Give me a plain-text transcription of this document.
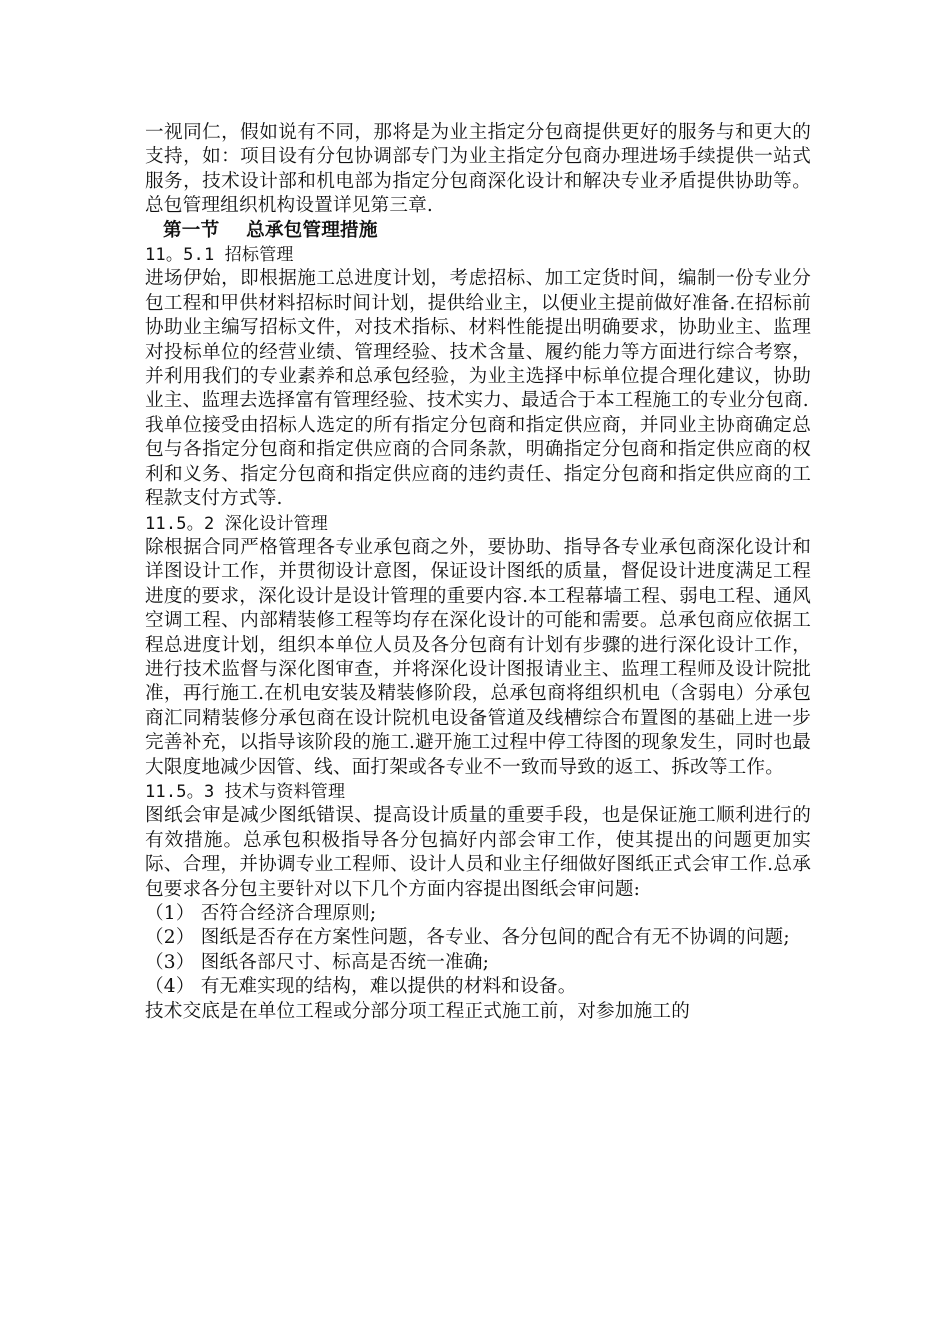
一视同仁，假如说有不同，那将是为业主指定分包商提供更好的服务与和更大的支持，如：项目设有分包协调部专门为业主指定分包商办理进场手续提供一站式服务，技术设计部和机电部为指定分包商深化设计和解决专业矛盾提供协助等。总包管理组织机构设置详见第三章.

第一节    总承包管理措施

11。5.1 招标管理

进场伊始，即根据施工总进度计划，考虑招标、加工定货时间，编制一份专业分包工程和甲供材料招标时间计划，提供给业主，以便业主提前做好准备.在招标前协助业主编写招标文件，对技术指标、材料性能提出明确要求，协助业主、监理对投标单位的经营业绩、管理经验、技术含量、履约能力等方面进行综合考察，并利用我们的专业素养和总承包经验，为业主选择中标单位提合理化建议，协助业主、监理去选择富有管理经验、技术实力、最适合于本工程施工的专业分包商.

我单位接受由招标人选定的所有指定分包商和指定供应商，并同业主协商确定总包与各指定分包商和指定供应商的合同条款，明确指定分包商和指定供应商的权利和义务、指定分包商和指定供应商的违约责任、指定分包商和指定供应商的工程款支付方式等.

11.5。2 深化设计管理

除根据合同严格管理各专业承包商之外，要协助、指导各专业承包商深化设计和详图设计工作，并贯彻设计意图，保证设计图纸的质量，督促设计进度满足工程进度的要求，深化设计是设计管理的重要内容.本工程幕墙工程、弱电工程、通风空调工程、内部精装修工程等均存在深化设计的可能和需要。总承包商应依据工程总进度计划，组织本单位人员及各分包商有计划有步骤的进行深化设计工作，进行技术监督与深化图审查，并将深化设计图报请业主、监理工程师及设计院批准，再行施工.在机电安装及精装修阶段，总承包商将组织机电（含弱电）分承包商汇同精装修分承包商在设计院机电设备管道及线槽综合布置图的基础上进一步完善补充，以指导该阶段的施工.避开施工过程中停工待图的现象发生，同时也最大限度地减少因管、线、面打架或各专业不一致而导致的返工、拆改等工作。

11.5。3 技术与资料管理

图纸会审是减少图纸错误、提高设计质量的重要手段，也是保证施工顺利进行的有效措施。总承包积极指导各分包搞好内部会审工作，使其提出的问题更加实际、合理，并协调专业工程师、设计人员和业主仔细做好图纸正式会审工作.总承包要求各分包主要针对以下几个方面内容提出图纸会审问题:

（1） 否符合经济合理原则;

（2） 图纸是否存在方案性问题，各专业、各分包间的配合有无不协调的问题;

（3） 图纸各部尺寸、标高是否统一准确;

（4） 有无难实现的结构，难以提供的材料和设备。

技术交底是在单位工程或分部分项工程正式施工前，对参加施工的
